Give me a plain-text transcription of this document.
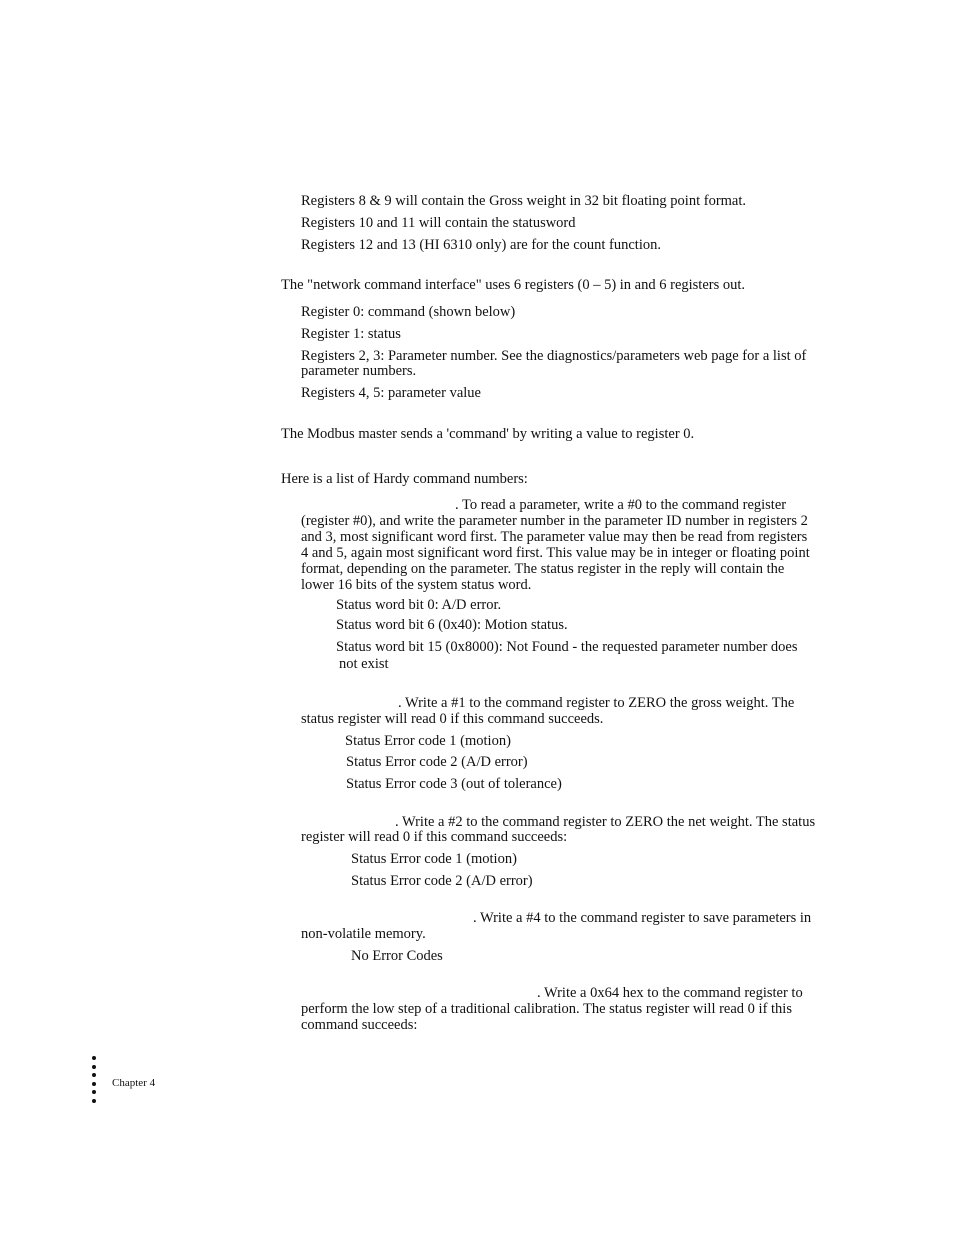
Registers 8 & 9 will contain the Gross weight in 32 bit floating point format.
Registers 10 and 11 will contain the statusword
Registers 12 and 13 (HI 6310 only) are for the count function.
The "network command interface" uses 6 registers (0 – 5) in and 6 registers out.
Register 0: command (shown below)
Register 1: status
Registers 2, 3: Parameter number. See the diagnostics/parameters web page for a list of
parameter numbers.
Registers 4, 5: parameter value
The Modbus master sends a 'command' by writing a value to register 0.
Here is a list of Hardy command numbers:
. To read a parameter, write a #0 to the command register
(register #0), and write the parameter number in the parameter ID number in registers 2
and 3, most significant word first. The parameter value may then be read from registers
4 and 5, again most significant word first. This value may be in integer or floating point
format, depending on the parameter. The status register in the reply will contain the
lower 16 bits of the system status word.
Status word bit 0: A/D error.
Status word bit 6 (0x40): Motion status.
Status word bit 15 (0x8000): Not Found - the requested parameter number does
not exist
. Write a #1 to the command register to ZERO the gross weight. The
status register will read 0 if this command succeeds.
Status Error code 1 (motion)
Status Error code 2 (A/D error)
Status Error code 3 (out of tolerance)
. Write a #2 to the command register to ZERO the net weight. The status
register will read 0 if this command succeeds:
Status Error code 1 (motion)
Status Error code 2 (A/D error)
. Write a #4 to the command register to save parameters in
non-volatile memory.
No Error Codes
. Write a 0x64 hex to the command register to
perform the low step of a traditional calibration. The status register will read 0 if this
command succeeds:
Chapter 4
